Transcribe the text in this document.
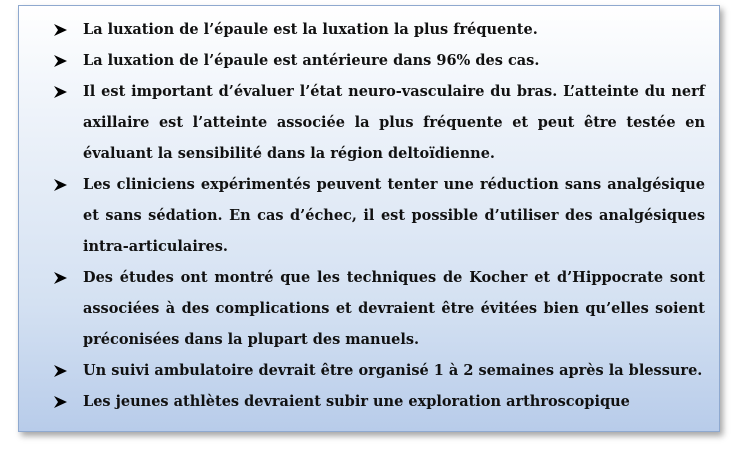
La luxation de l’épaule est la luxation la plus fréquente.
La luxation de l’épaule est antérieure dans 96% des cas.
Il est important d’évaluer l’état neuro-vasculaire du bras. L’atteinte du nerf axillaire est l’atteinte associée la plus fréquente et peut être testée en évaluant la sensibilité dans la région deltoïdienne.
Les cliniciens expérimentés peuvent tenter une réduction sans analgésique et sans sédation. En cas d’échec, il est possible d’utiliser des analgésiques intra-articulaires.
Des études ont montré que les techniques de Kocher et d’Hippocrate sont associées à des complications et devraient être évitées bien qu’elles soient préconisées dans la plupart des manuels.
Un suivi ambulatoire devrait être organisé 1 à 2 semaines après la blessure.
Les jeunes athlètes devraient subir une exploration arthroscopique
